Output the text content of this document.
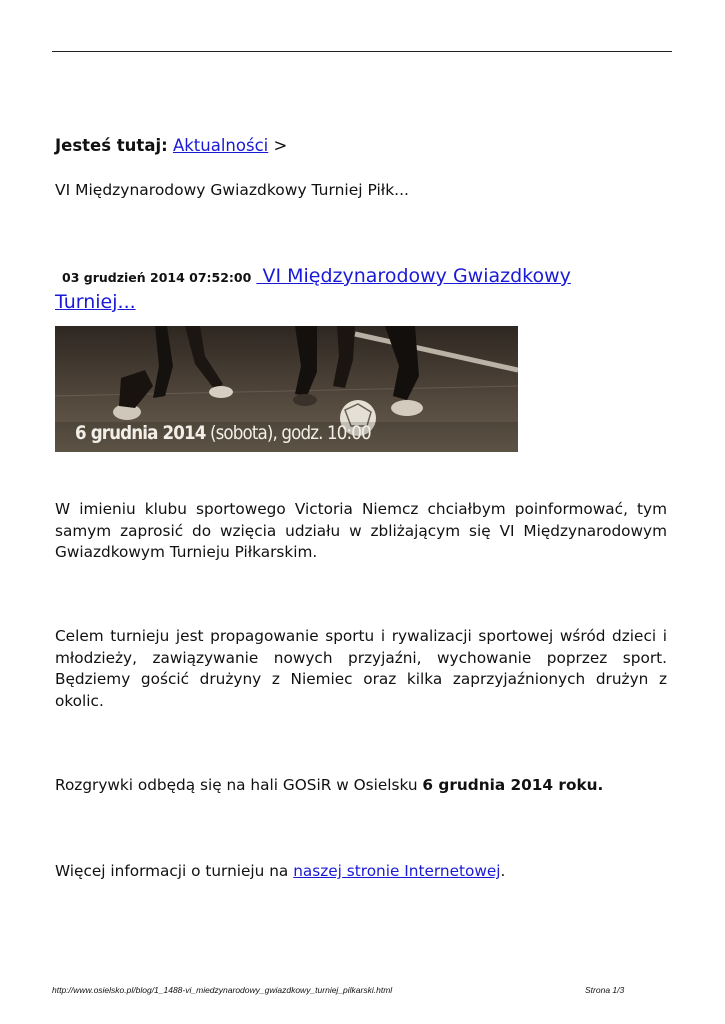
Jesteś tutaj: Aktualności >
VI Międzynarodowy Gwiazdkowy Turniej Piłk...
03 grudzień 2014 07:52:00 VI Międzynarodowy Gwiazdkowy Turniej...
6 grudnia 2014 (sobota), godz. 10:00
W imieniu klubu sportowego Victoria Niemcz chciałbym poinformować, tym samym zaprosić do wzięcia udziału w zbliżającym się VI Międzynarodowym Gwiazdkowym Turnieju Piłkarskim.
Celem turnieju jest propagowanie sportu i rywalizacji sportowej wśród dzieci i młodzieży, zawiązywanie nowych przyjaźni, wychowanie poprzez sport. Będziemy gościć drużyny z Niemiec oraz kilka zaprzyjaźnionych drużyn z okolic.
Rozgrywki odbędą się na hali GOSiR w Osielsku 6 grudnia 2014 roku.
Więcej informacji o turnieju na naszej stronie Internetowej.
http://www.osielsko.pl/blog/1_1488-vi_miedzynarodowy_gwiazdkowy_turniej_pilkarski.html	Strona 1/3
